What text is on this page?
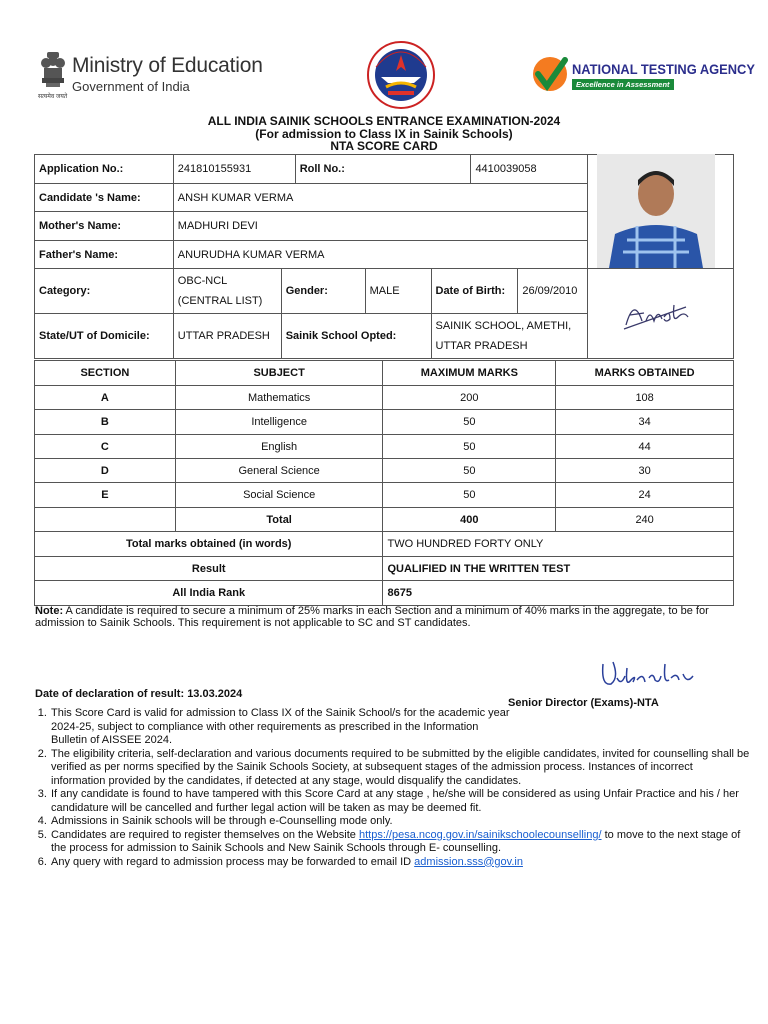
Ministry of Education
Government of India
सत्यमेव जयते
NATIONAL TESTING AGENCY
Excellence in Assessment
ALL INDIA SAINIK SCHOOLS ENTRANCE EXAMINATION-2024
(For admission to Class IX in Sainik Schools)
NTA SCORE CARD
Application No.:	241810155931		Roll No.:			4410039058		
Candidate 's Name:	ANSH KUMAR VERMA							
Mother's Name:	MADHURI DEVI							
Father's Name:	ANURUDHA KUMAR VERMA							
Category:	OBC-NCL (CENTRAL LIST)	Gender:		MALE	Date of Birth:		26/09/2010	
State/UT of Domicile:	UTTAR PRADESH	Sainik School Opted:			SAINIK SCHOOL, AMETHI, UTTAR PRADESH			
SECTION	SUBJECT	MAXIMUM MARKS	MARKS OBTAINED
A	Mathematics	200	108
B	Intelligence	50	34
C	English	50	44
D	General Science	50	30
E	Social Science	50	24
	Total	400	240
Total marks obtained (in words)		TWO HUNDRED FORTY ONLY	
Result		QUALIFIED IN THE WRITTEN TEST	
All India Rank		8675	
Note: A candidate is required to secure a minimum of 25% marks in each Section and a minimum of 40% marks in the aggregate, to be for admission to Sainik Schools. This requirement is not applicable to SC and ST candidates.
Date of declaration of result: 13.03.2024
Senior Director (Exams)-NTA
1. This Score Card is valid for admission to Class IX of the Sainik School/s for the academic year 2024-25, subject to compliance with other requirements as prescribed in the Information Bulletin of AISSEE 2024.
2. The eligibility criteria, self-declaration and various documents required to be submitted by the eligible candidates, invited for counselling shall be verified as per norms specified by the Sainik Schools Society, at subsequent stages of the admission process. Instances of incorrect information provided by the candidates, if detected at any stage, would disqualify the candidates.
3. If any candidate is found to have tampered with this Score Card at any stage , he/she will be considered as using Unfair Practice and his / her candidature will be cancelled and further legal action will be taken as may be deemed fit.
4. Admissions in Sainik schools will be through e-Counselling mode only.
5. Candidates are required to register themselves on the Website https://pesa.ncog.gov.in/sainikschoolecounselling/ to move to the next stage of the process for admission to Sainik Schools and New Sainik Schools through E- counselling.
6. Any query with regard to admission process may be forwarded to email ID admission.sss@gov.in
